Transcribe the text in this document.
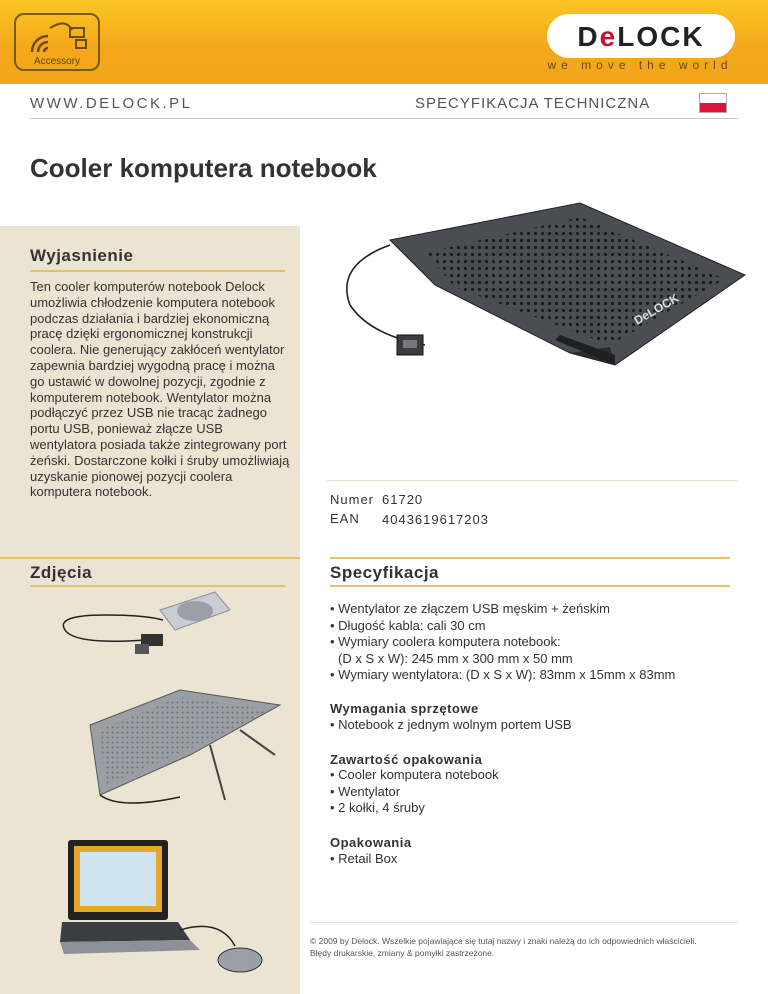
Accessory
DeLOCK
we move the world
WWW.DELOCK.PL	SPECYFIKACJA TECHNICZNA
Cooler komputera notebook
Wyjasnienie
Ten cooler komputerów notebook Delock umożliwia chłodzenie komputera notebook podczas działania i bardziej ekonomiczną pracę dzięki ergonomicznej konstrukcji coolera. Nie generujący zakłóceń wentylator zapewnia bardziej wygodną pracę i można go ustawić w dowolnej pozycji, zgodnie z komputerem notebook. Wentylator można podłączyć przez USB nie tracąc żadnego portu USB, ponieważ złącze USB wentylatora posiada także zintegrowany port żeński. Dostarczone kołki i śruby umożliwiają uzyskanie pionowej pozycji coolera komputera notebook.
Zdjęcia
DeLOCK
Numer 61720
EAN 4043619617203
Specyfikacja
• Wentylator ze złączem USB męskim + żeńskim
• Długość kabla: cali 30 cm
• Wymiary coolera komputera notebook:
(D x S x W): 245 mm x 300 mm x 50 mm
• Wymiary wentylatora: (D x S x W): 83mm x 15mm x 83mm
Wymagania sprzętowe
• Notebook z jednym wolnym portem USB
Zawartość opakowania
• Cooler komputera notebook
• Wentylator
• 2 kołki, 4 śruby
Opakowania
• Retail Box
© 2009 by Delock. Wszelkie pojawiające się tutaj nazwy i znaki należą do ich odpowiednich właścicieli.
Błędy drukarskie, zmiany & pomyłki zastrzeżone.
